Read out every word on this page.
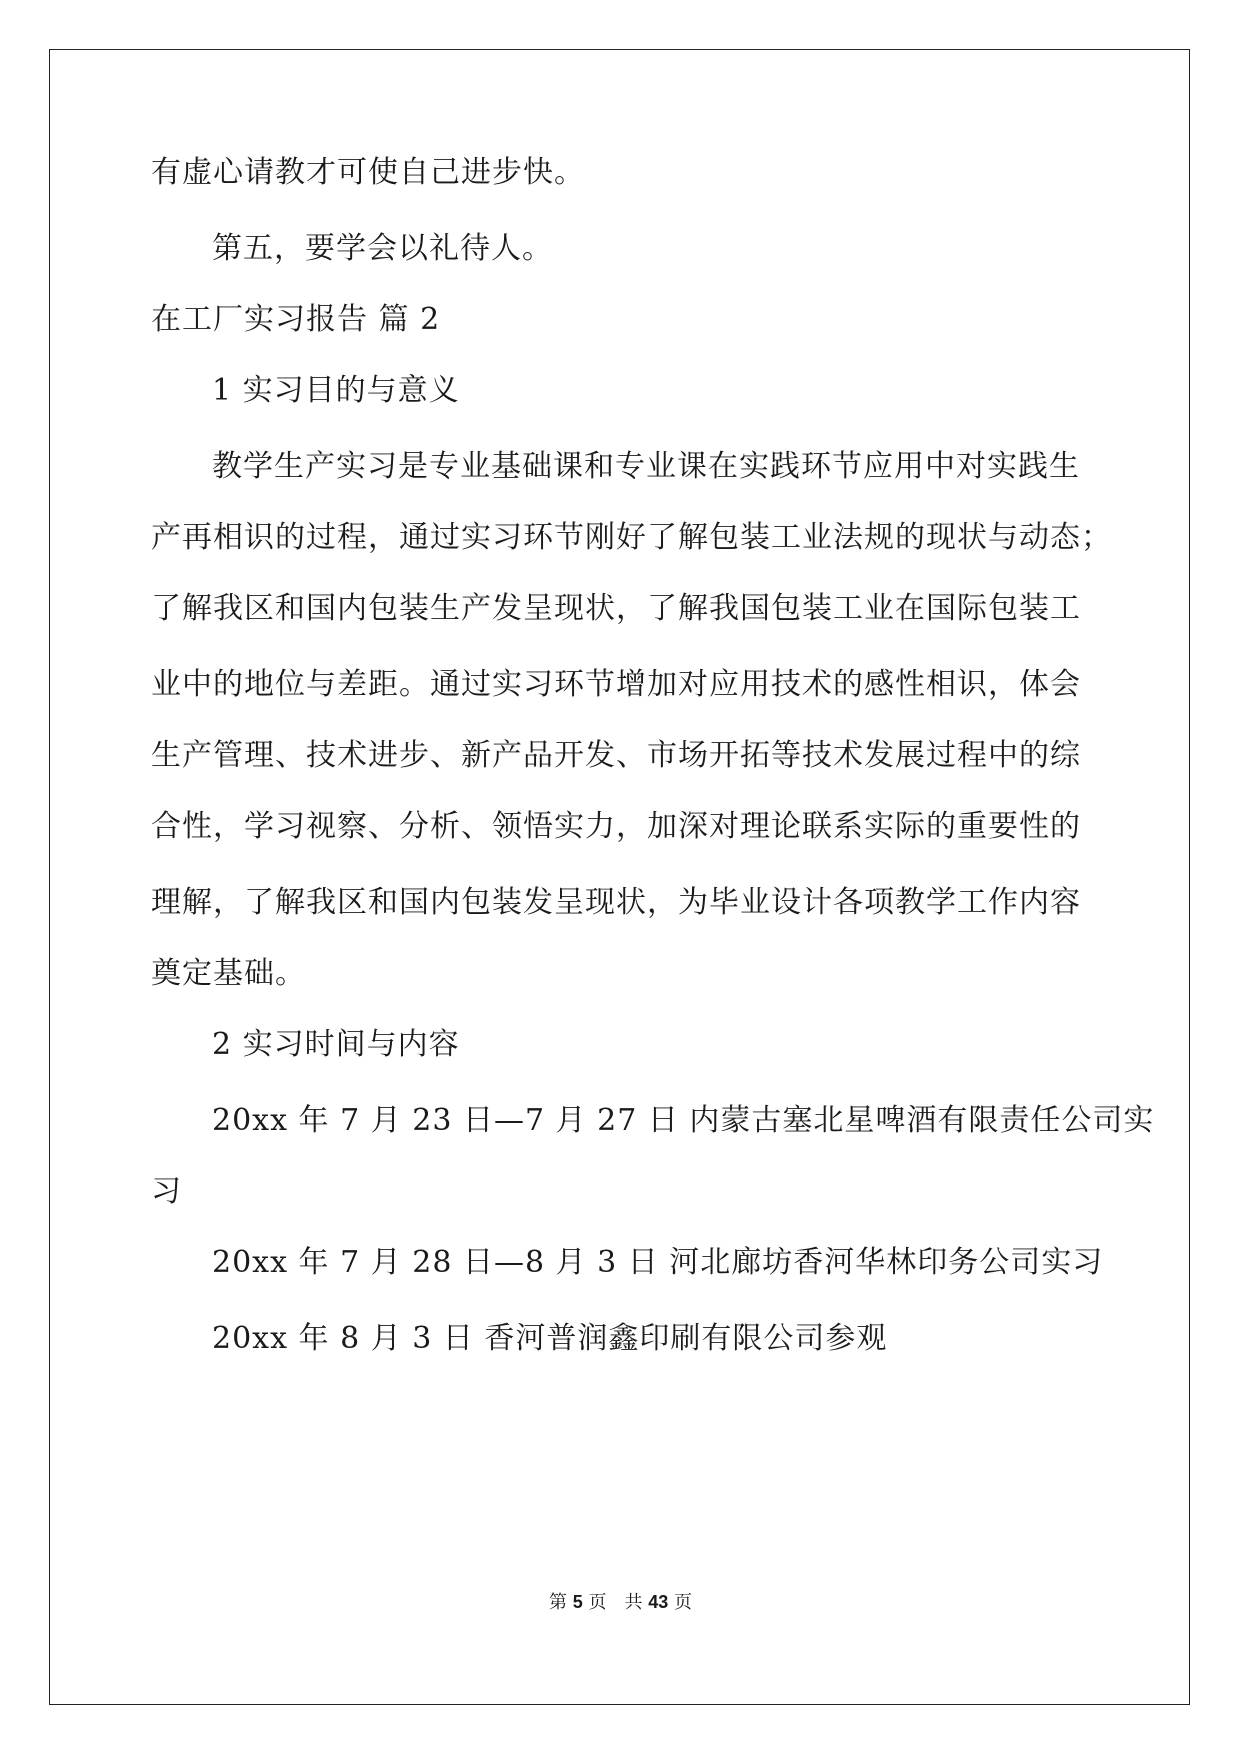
有虚心请教才可使自己进步快。
第五，要学会以礼待人。
在工厂实习报告 篇 2
1 实习目的与意义
教学生产实习是专业基础课和专业课在实践环节应用中对实践生
产再相识的过程，通过实习环节刚好了解包装工业法规的现状与动态；
了解我区和国内包装生产发呈现状，了解我国包装工业在国际包装工
业中的地位与差距。通过实习环节增加对应用技术的感性相识，体会
生产管理、技术进步、新产品开发、市场开拓等技术发展过程中的综
合性，学习视察、分析、领悟实力，加深对理论联系实际的重要性的
理解，了解我区和国内包装发呈现状，为毕业设计各项教学工作内容
奠定基础。
2 实习时间与内容
20xx 年 7 月 23 日—7 月 27 日 内蒙古塞北星啤酒有限责任公司实
习
20xx 年 7 月 28 日—8 月 3 日 河北廊坊香河华林印务公司实习
20xx 年 8 月 3 日 香河普润鑫印刷有限公司参观
第 5 页　共 43 页
